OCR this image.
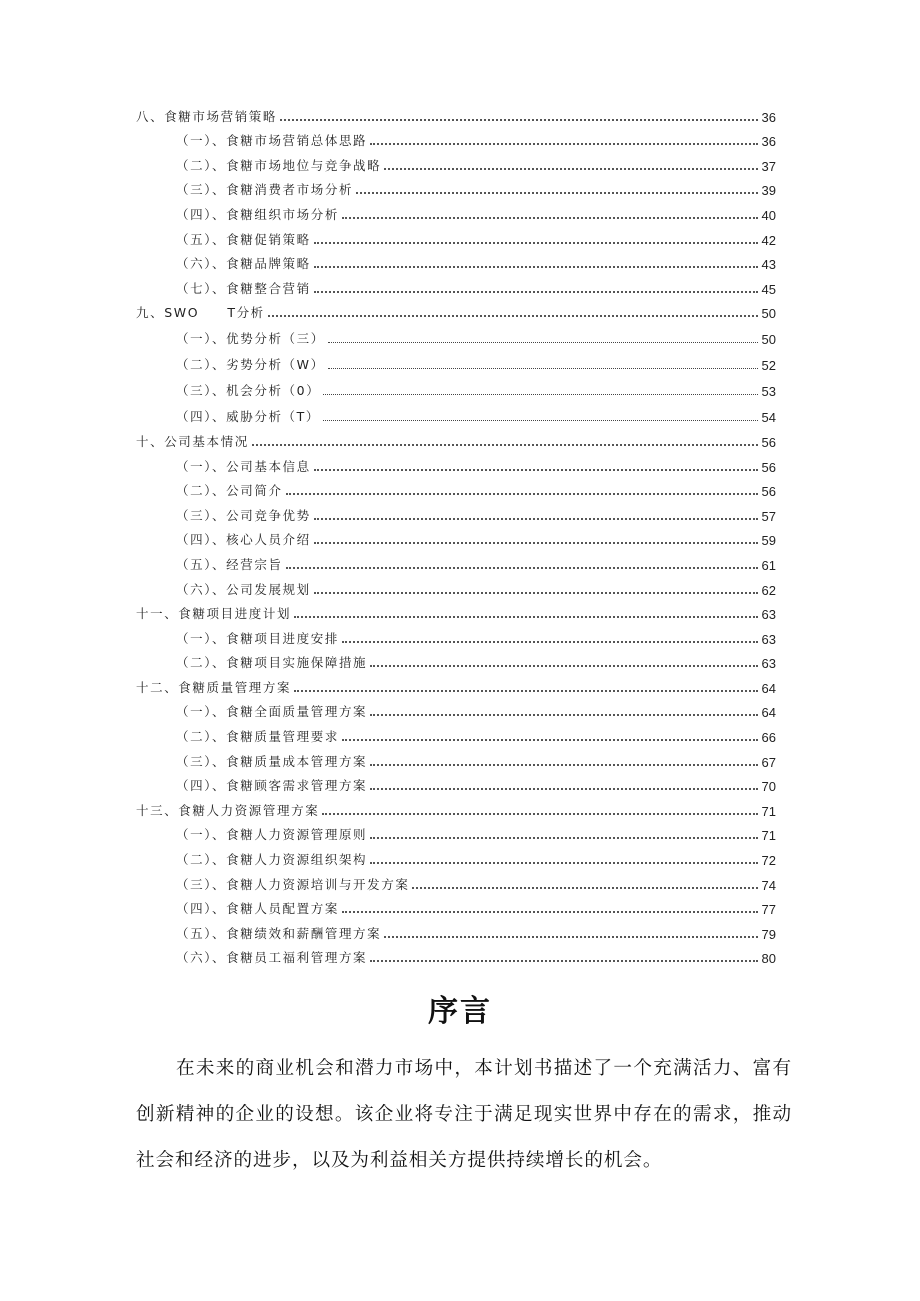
八、食糖市场营销策略	36
（一）、食糖市场营销总体思路	36
（二）、食糖市场地位与竞争战略	37
（三）、食糖消费者市场分析	39
（四）、食糖组织市场分析	40
（五）、食糖促销策略	42
（六）、食糖品牌策略	43
（七）、食糖整合营销	45
九、SWO　　T分析	50
（一）、优势分析（三）	50
（二）、劣势分析（W）	52
（三）、机会分析（0）	53
（四）、威胁分析（T）	54
十、公司基本情况	56
（一）、公司基本信息	56
（二）、公司简介	56
（三）、公司竞争优势	57
（四）、核心人员介绍	59
（五）、经营宗旨	61
（六）、公司发展规划	62
十一、食糖项目进度计划	63
（一）、食糖项目进度安排	63
（二）、食糖项目实施保障措施	63
十二、食糖质量管理方案	64
（一）、食糖全面质量管理方案	64
（二）、食糖质量管理要求	66
（三）、食糖质量成本管理方案	67
（四）、食糖顾客需求管理方案	70
十三、食糖人力资源管理方案	71
（一）、食糖人力资源管理原则	71
（二）、食糖人力资源组织架构	72
（三）、食糖人力资源培训与开发方案	74
（四）、食糖人员配置方案	77
（五）、食糖绩效和薪酬管理方案	79
（六）、食糖员工福利管理方案	80
序言

在未来的商业机会和潜力市场中，本计划书描述了一个充满活力、富有创新精神的企业的设想。该企业将专注于满足现实世界中存在的需求，推动社会和经济的进步，以及为利益相关方提供持续增长的机会。
